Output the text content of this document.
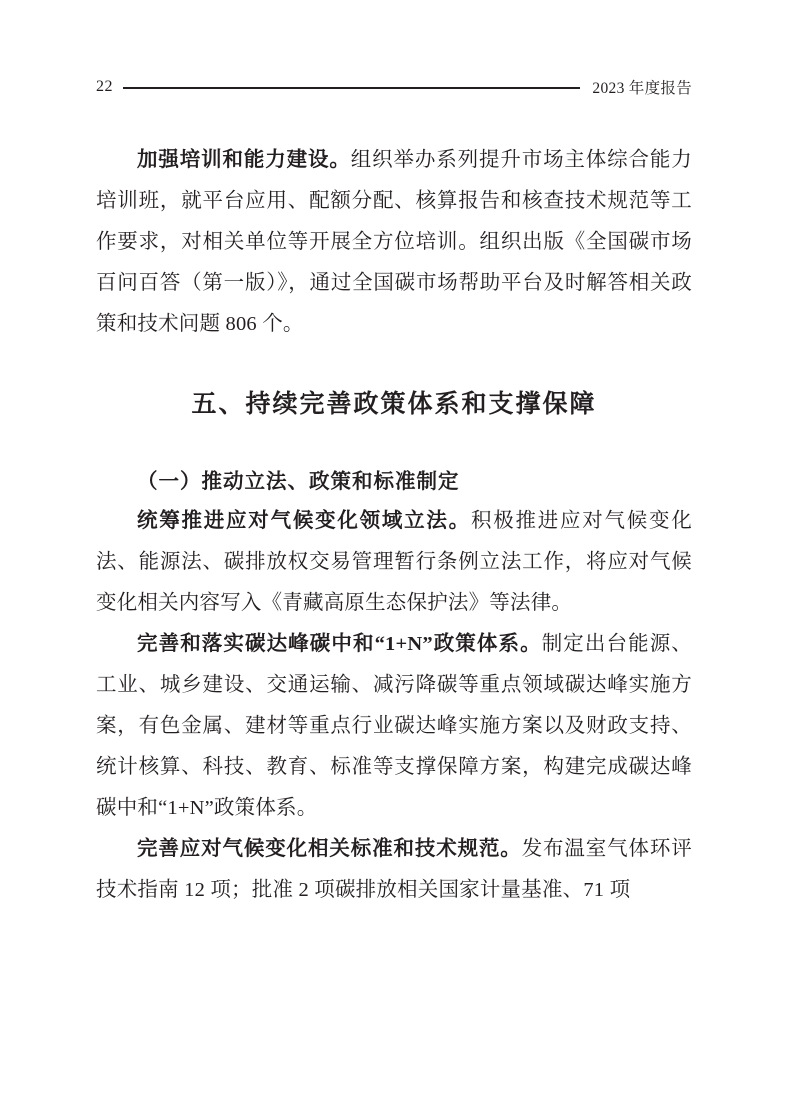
22	2023 年度报告

加强培训和能力建设。组织举办系列提升市场主体综合能力培训班，就平台应用、配额分配、核算报告和核查技术规范等工作要求，对相关单位等开展全方位培训。组织出版《全国碳市场百问百答（第一版）》，通过全国碳市场帮助平台及时解答相关政策和技术问题 806 个。

五、持续完善政策体系和支撑保障
（一）推动立法、政策和标准制定

统筹推进应对气候变化领域立法。积极推进应对气候变化法、能源法、碳排放权交易管理暂行条例立法工作，将应对气候变化相关内容写入《青藏高原生态保护法》等法律。

完善和落实碳达峰碳中和“1+N”政策体系。制定出台能源、工业、城乡建设、交通运输、减污降碳等重点领域碳达峰实施方案，有色金属、建材等重点行业碳达峰实施方案以及财政支持、统计核算、科技、教育、标准等支撑保障方案，构建完成碳达峰碳中和“1+N”政策体系。

完善应对气候变化相关标准和技术规范。发布温室气体环评技术指南 12 项；批准 2 项碳排放相关国家计量基准、71 项
